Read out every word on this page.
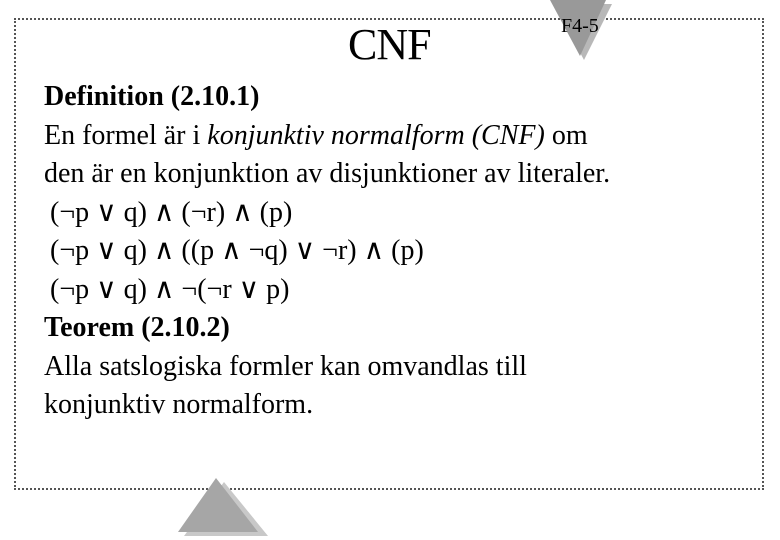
F4-5
CNF
Definition (2.10.1)
En formel är i konjunktiv normalform (CNF) om
den är en konjunktion av disjunktioner av literaler.
(¬p ∨ q) ∧ (¬r) ∧ (p)
(¬p ∨ q) ∧ ((p ∧ ¬q) ∨ ¬r) ∧ (p)
(¬p ∨ q) ∧ ¬(¬r ∨ p)
Teorem (2.10.2)
Alla satslogiska formler kan omvandlas till
konjunktiv normalform.
